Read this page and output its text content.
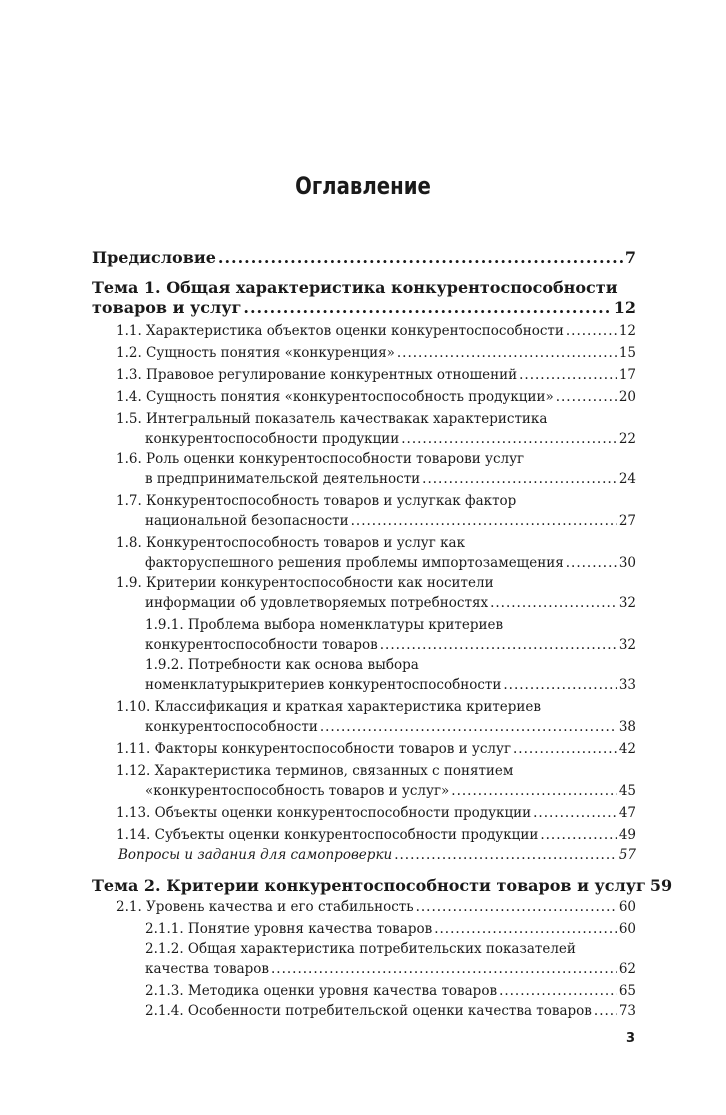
Оглавление
Предисловие .....	7
Тема 1. Общая характеристика конкурентоспособности
товаров и услуг .....	12
1.1. Характеристика объектов оценки конкурентоспособности .....	12
1.2. Сущность понятия «конкуренция» .....	15
1.3. Правовое регулирование конкурентных отношений .....	17
1.4. Сущность понятия «конкурентоспособность продукции» .....	20
1.5. Интегральный показатель качествакак характеристика
конкурентоспособности продукции .....	22
1.6. Роль оценки конкурентоспособности товарови услуг
в предпринимательской деятельности .....	24
1.7. Конкурентоспособность товаров и услугкак фактор
национальной безопасности .....	27
1.8. Конкурентоспособность товаров и услуг как
факторуспешного решения проблемы импортозамещения .....	30
1.9. Критерии конкурентоспособности как носители
информации об удовлетворяемых потребностях .....	32
1.9.1. Проблема выбора номенклатуры критериев
конкурентоспособности товаров .....	32
1.9.2. Потребности как основа выбора
номенклатурыкритериев конкурентоспособности .....	33
1.10. Классификация и краткая характеристика критериев
конкурентоспособности .....	38
1.11. Факторы конкурентоспособности товаров и услуг .....	42
1.12. Характеристика терминов, связанных с понятием
«конкурентоспособность товаров и услуг» .....	45
1.13. Объекты оценки конкурентоспособности продукции .....	47
1.14. Субъекты оценки конкурентоспособности продукции .....	49
Вопросы и задания для самопроверки .....	57
Тема 2. Критерии конкурентоспособности товаров и услуг 59
2.1. Уровень качества и его стабильность .....	60
2.1.1. Понятие уровня качества товаров .....	60
2.1.2. Общая характеристика потребительских показателей
качества товаров .....	62
2.1.3. Методика оценки уровня качества товаров .....	65
2.1.4. Особенности потребительской оценки качества товаров ..... 73
3
